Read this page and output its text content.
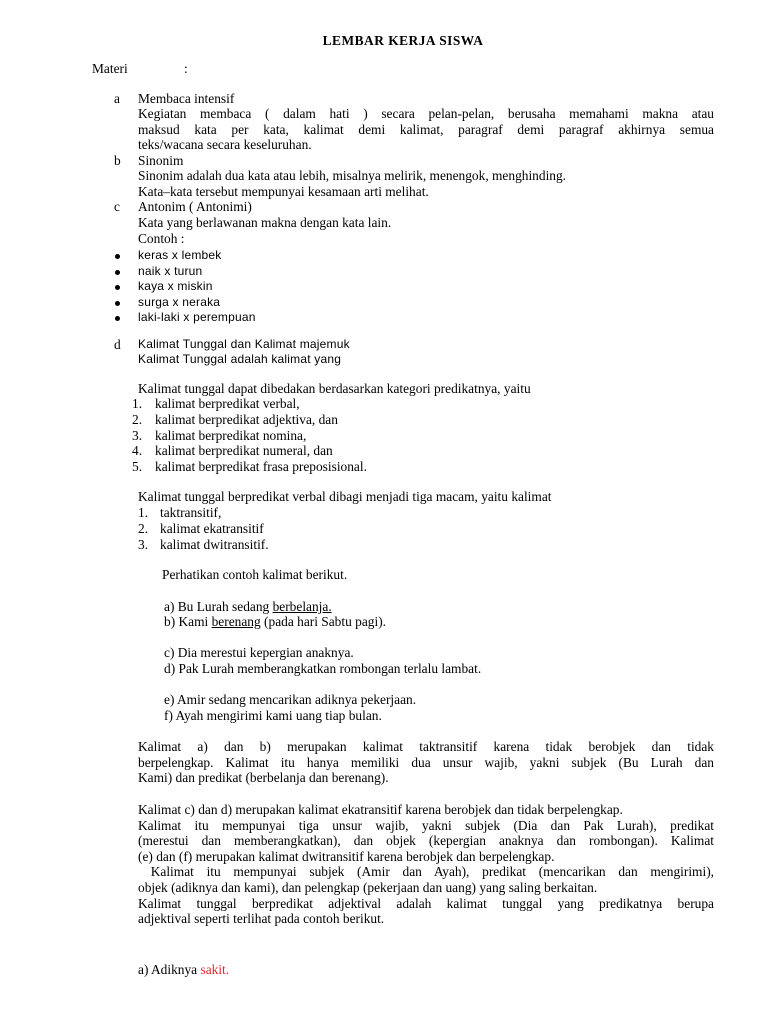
LEMBAR KERJA SISWA
Materi	:
a Membaca intensif
Kegiatan membaca ( dalam hati ) secara pelan-pelan, berusaha memahami makna atau
maksud kata per kata, kalimat demi kalimat, paragraf demi paragraf akhirnya semua
teks/wacana secara keseluruhan.
b Sinonim
Sinonim adalah dua kata atau lebih, misalnya melirik, menengok, menghinding.
Kata–kata tersebut mempunyai kesamaan arti melihat.
c Antonim ( Antonimi)
Kata yang berlawanan makna dengan kata lain.
Contoh :
keras x lembek
naik x turun
kaya x miskin
surga x neraka
laki-laki x perempuan
d Kalimat Tunggal dan Kalimat majemuk
Kalimat Tunggal adalah kalimat yang
Kalimat tunggal dapat dibedakan berdasarkan kategori predikatnya, yaitu
1. kalimat berpredikat verbal,
2. kalimat berpredikat adjektiva, dan
3. kalimat berpredikat nomina,
4. kalimat berpredikat numeral, dan
5. kalimat berpredikat frasa preposisional.
Kalimat tunggal berpredikat verbal dibagi menjadi tiga macam, yaitu kalimat
1. taktransitif,
2. kalimat ekatransitif
3. kalimat dwitransitif.
Perhatikan contoh kalimat berikut.
a) Bu Lurah sedang berbelanja.
b) Kami berenang (pada hari Sabtu pagi).
c) Dia merestui kepergian anaknya.
d) Pak Lurah memberangkatkan rombongan terlalu lambat.
e) Amir sedang mencarikan adiknya pekerjaan.
f) Ayah mengirimi kami uang tiap bulan.
Kalimat a) dan b) merupakan kalimat taktransitif karena tidak berobjek dan tidak
berpelengkap. Kalimat itu hanya memiliki dua unsur wajib, yakni subjek (Bu Lurah dan
Kami) dan predikat (berbelanja dan berenang).
Kalimat c) dan d) merupakan kalimat ekatransitif karena berobjek dan tidak berpelengkap.
Kalimat itu mempunyai tiga unsur wajib, yakni subjek (Dia dan Pak Lurah), predikat
(merestui dan memberangkatkan), dan objek (kepergian anaknya dan rombongan). Kalimat
(e) dan (f) merupakan kalimat dwitransitif karena berobjek dan berpelengkap.
Kalimat itu mempunyai subjek (Amir dan Ayah), predikat (mencarikan dan mengirimi),
objek (adiknya dan kami), dan pelengkap (pekerjaan dan uang) yang saling berkaitan.
Kalimat tunggal berpredikat adjektival adalah kalimat tunggal yang predikatnya berupa
adjektival seperti terlihat pada contoh berikut.
a) Adiknya sakit.
